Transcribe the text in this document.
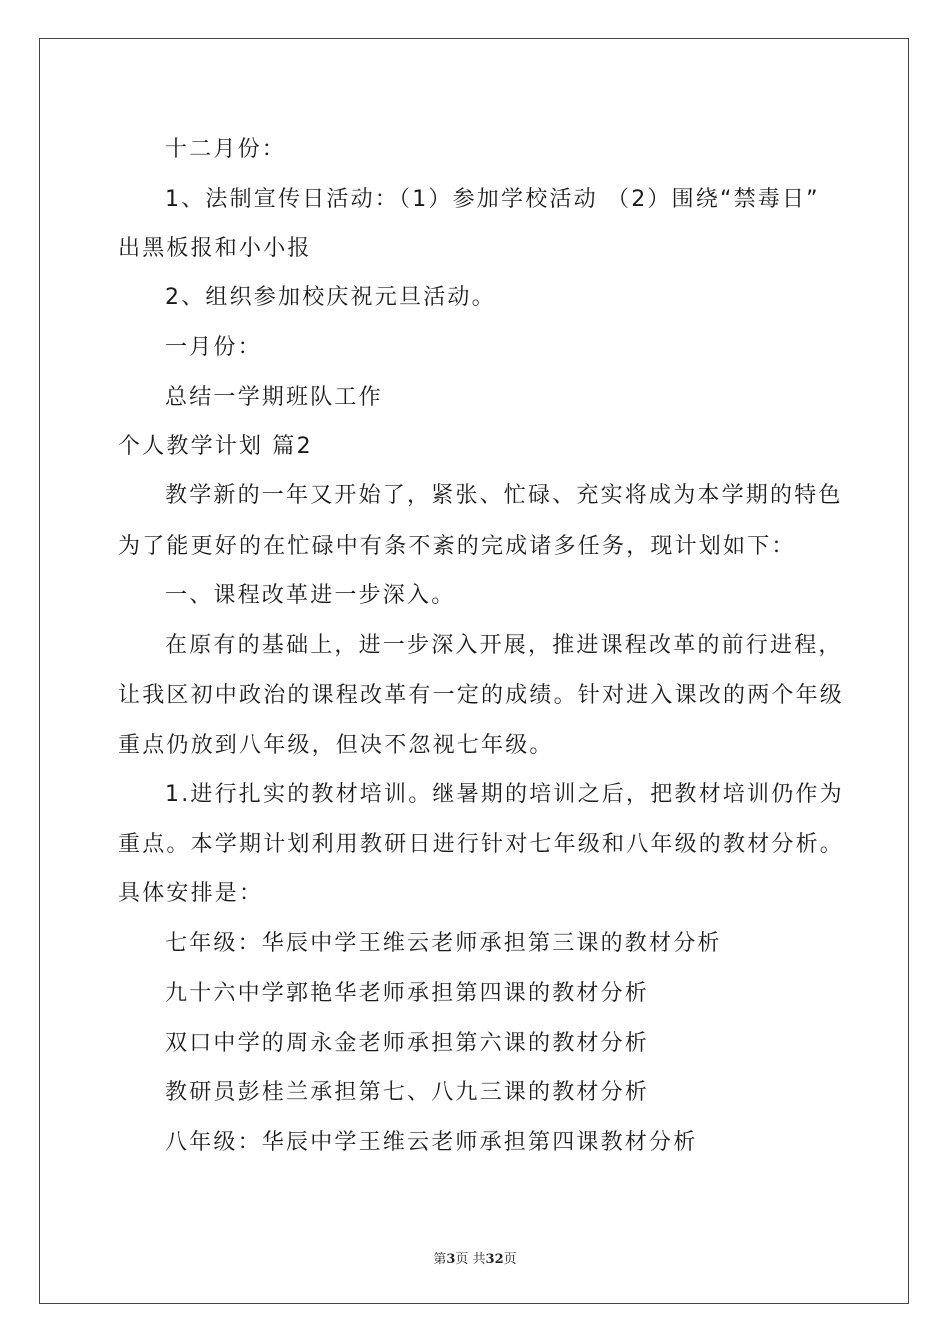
十二月份：
1、法制宣传日活动：（1）参加学校活动 （2）围绕“禁毒日”
出黑板报和小小报
2、组织参加校庆祝元旦活动。
一月份：
总结一学期班队工作
个人教学计划 篇2
教学新的一年又开始了，紧张、忙碌、充实将成为本学期的特色
为了能更好的在忙碌中有条不紊的完成诸多任务，现计划如下：
一、课程改革进一步深入。
在原有的基础上，进一步深入开展，推进课程改革的前行进程，
让我区初中政治的课程改革有一定的成绩。针对进入课改的两个年级
重点仍放到八年级，但决不忽视七年级。
1.进行扎实的教材培训。继暑期的培训之后，把教材培训仍作为
重点。本学期计划利用教研日进行针对七年级和八年级的教材分析。
具体安排是：
七年级：华辰中学王维云老师承担第三课的教材分析
九十六中学郭艳华老师承担第四课的教材分析
双口中学的周永金老师承担第六课的教材分析
教研员彭桂兰承担第七、八九三课的教材分析
八年级：华辰中学王维云老师承担第四课教材分析
第3页 共32页
